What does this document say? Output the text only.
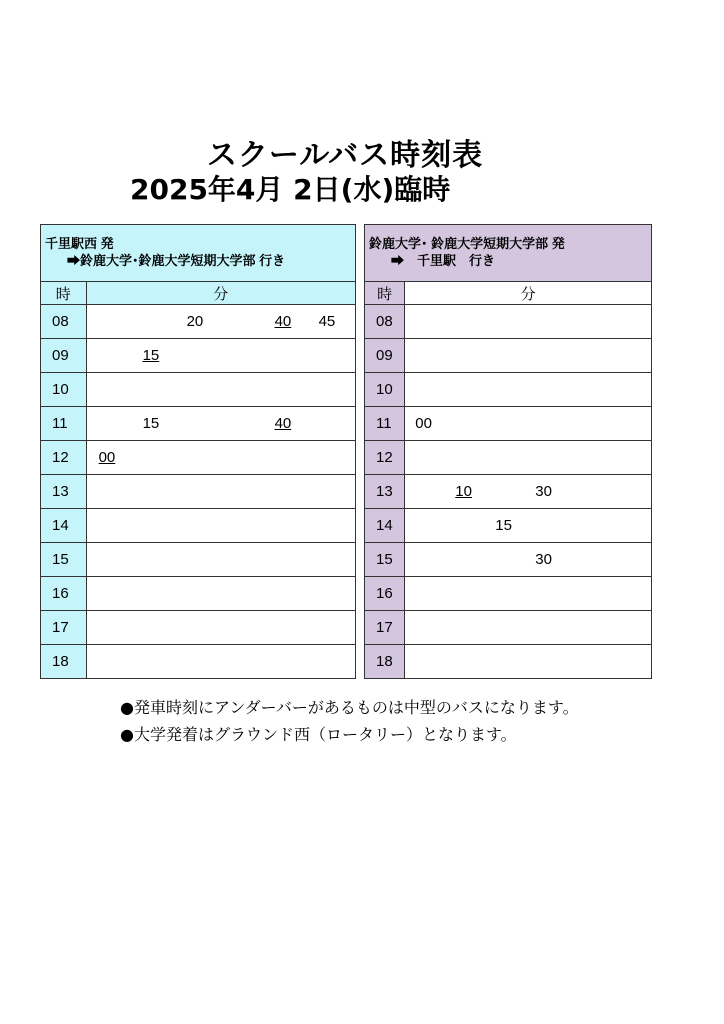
スクールバス時刻表
2025年4月 2日(水)臨時
千里駅西 発
➡鈴鹿大学･鈴鹿大学短期大学部 行き	

時	分
08	20 40 45

09	15

10	
11	15 40

12	00

13	
14	
15	
16	
17	
18	
鈴鹿大学･ 鈴鹿大学短期大学部 発
➡　千里駅　行き	

時	分
08	
09	
10	
11	00

12	
13	10 30

14	15

15	30

16	
17	
18	
●発車時刻にアンダーバーがあるものは中型のバスになります。
●大学発着はグラウンド西（ロータリー）となります。
